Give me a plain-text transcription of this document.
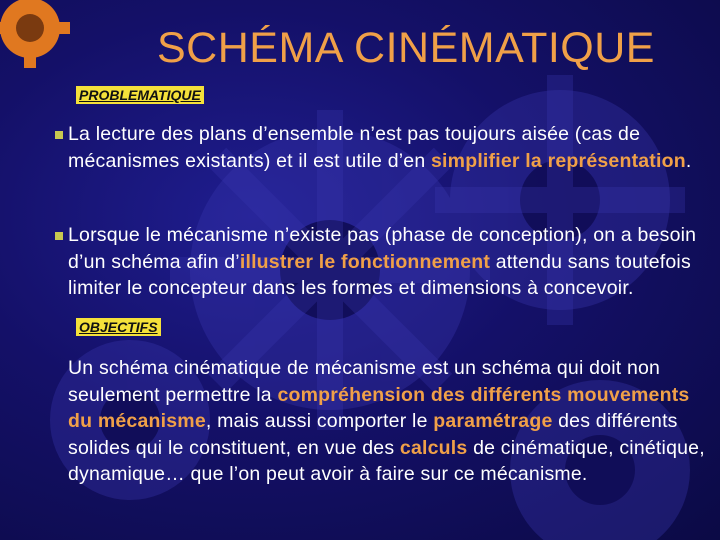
SCHÉMA CINÉMATIQUE
PROBLEMATIQUE
La lecture des plans d’ensemble n’est pas toujours aisée (cas de mécanismes existants) et il est utile d’en simplifier la représentation.
Lorsque le mécanisme n’existe pas (phase de conception), on a besoin d’un schéma afin d’illustrer le fonctionnement attendu sans toutefois limiter le concepteur dans les formes et dimensions à concevoir.
OBJECTIFS
Un schéma cinématique de mécanisme est un schéma qui doit non seulement permettre la compréhension des différents mouvements du mécanisme, mais aussi comporter le paramétrage des différents solides qui le constituent, en vue des calculs de cinématique, cinétique, dynamique… que l’on peut avoir à faire sur ce mécanisme.
